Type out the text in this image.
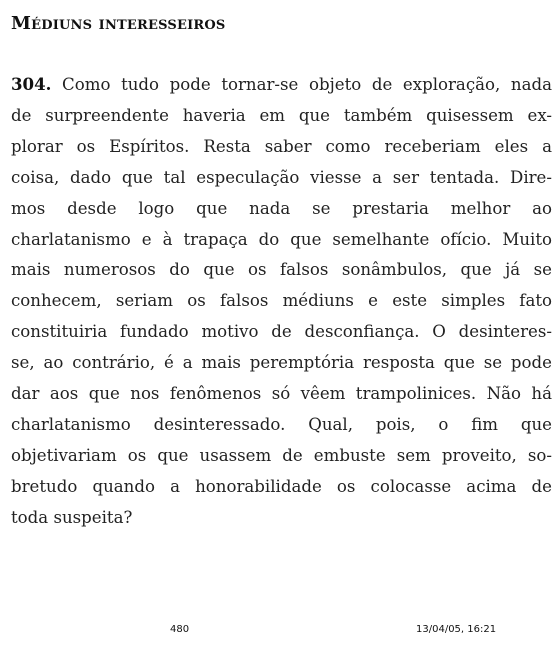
Médiuns interesseiros
304. Como tudo pode tornar-se objeto de exploração, nada
de surpreendente haveria em que também quisessem ex-
plorar os Espíritos. Resta saber como receberiam eles a
coisa, dado que tal especulação viesse a ser tentada. Dire-
mos desde logo que nada se prestaria melhor ao
charlatanismo e à trapaça do que semelhante ofício. Muito
mais numerosos do que os falsos sonâmbulos, que já se
conhecem, seriam os falsos médiuns e este simples fato
constituiria fundado motivo de desconfiança. O desinteres-
se, ao contrário, é a mais peremptória resposta que se pode
dar aos que nos fenômenos só vêem trampolinices. Não há
charlatanismo desinteressado. Qual, pois, o fim que
objetivariam os que usassem de embuste sem proveito, so-
bretudo quando a honorabilidade os colocasse acima de
toda suspeita?
480	13/04/05, 16:21
